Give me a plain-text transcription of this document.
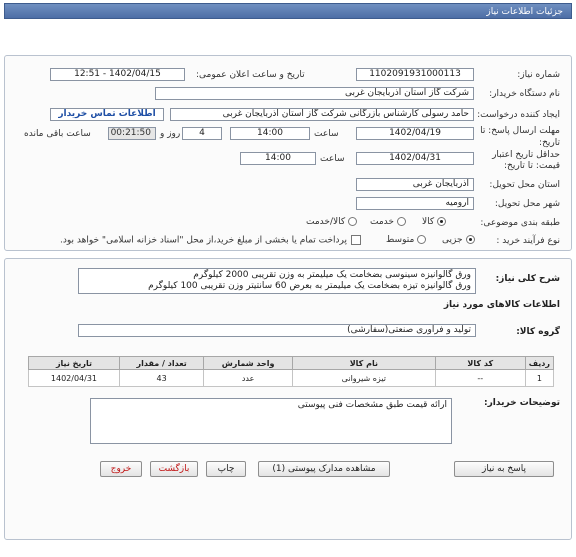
جزئیات اطلاعات نیاز
شماره نیاز:
1102091931000113
تاریخ و ساعت اعلان عمومی:
1402/04/15 - 12:51
نام دستگاه خریدار:
شرکت گاز استان اذربایجان غربی
ایجاد کننده درخواست:
حامد رسولی کارشناس بازرگانی شرکت گاز استان اذربایجان غربی
اطلاعات تماس خریدار
مهلت ارسال پاسخ: تا
تاریخ:
1402/04/19
ساعت
14:00
4
روز و
00:21:50
ساعت باقی مانده
حداقل تاریخ اعتبار
قیمت: تا تاریخ:
1402/04/31
ساعت
14:00
استان محل تحویل:
آذربایجان غربی
شهر محل تحویل:
ارومیه
طبقه بندی موضوعی:
کالا
خدمت
کالا/خدمت
نوع فرآیند خرید :
جزیی
متوسط
پرداخت تمام یا بخشی از مبلغ خرید،از محل "اسناد خزانه اسلامی" خواهد بود.
شرح کلی نیاز:
ورق گالوانیزه سینوسی بضخامت یک میلیمتر به وزن تقریبی 2000 کیلوگرم
ورق گالوانیزه تیزه بضخامت یک میلیمتر به بعرض 60 سانتیتر وزن تقریبی 100 کیلوگرم
اطلاعات کالاهای مورد نیاز
گروه کالا:
تولید و فرآوری صنعتی(سفارشی)
ردیف	کد کالا	نام کالا	واحد شمارش	تعداد / مقدار	تاریخ نیاز
1	--	تیزه شیروانی	عدد	43	1402/04/31
توضیحات خریدار:
ارائه قیمت طبق مشخصات فنی پیوستی
پاسخ به نیاز
مشاهده مدارک پیوستی (1)
چاپ
بازگشت
خروج
